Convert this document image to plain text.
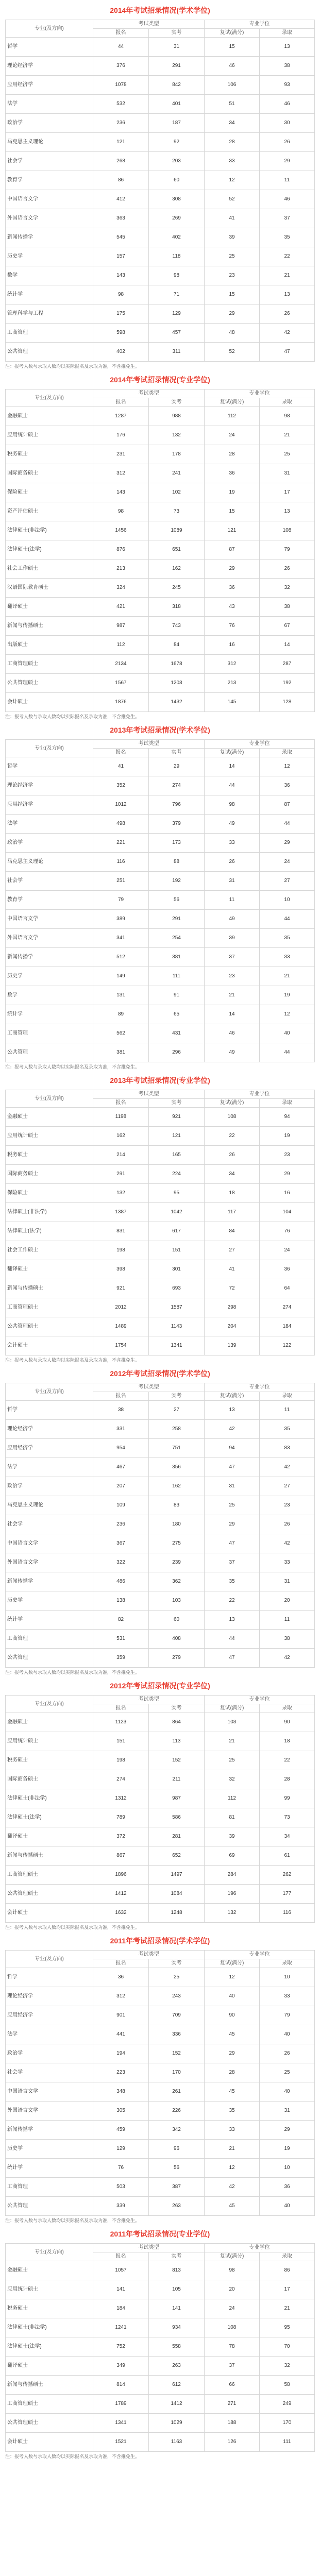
2014年考试招录情况(学术学位)
专业(及方向)	考试类型		专业学位	
	报名	实考	复试(满分)	录取
哲学	44	31	15	13
理论经济学	376	291	46	38
应用经济学	1078	842	106	93
法学	532	401	51	46
政治学	236	187	34	30
马克思主义理论	121	92	28	26
社会学	268	203	33	29
教育学	86	60	12	11
中国语言文学	412	308	52	46
外国语言文学	363	269	41	37
新闻传播学	545	402	39	35
历史学	157	118	25	22
数学	143	98	23	21
统计学	98	71	15	13
管理科学与工程	175	129	29	26
工商管理	598	457	48	42
公共管理	402	311	52	47
注：报考人数与录取人数均以实际报名及录取为准，不含推免生。
2014年考试招录情况(专业学位)
专业(及方向)	考试类型		专业学位	
	报名	实考	复试(满分)	录取
金融硕士	1287	988	112	98
应用统计硕士	176	132	24	21
税务硕士	231	178	28	25
国际商务硕士	312	241	36	31
保险硕士	143	102	19	17
资产评估硕士	98	73	15	13
法律硕士(非法学)	1456	1089	121	108
法律硕士(法学)	876	651	87	79
社会工作硕士	213	162	29	26
汉语国际教育硕士	324	245	36	32
翻译硕士	421	318	43	38
新闻与传播硕士	987	743	76	67
出版硕士	112	84	16	14
工商管理硕士	2134	1678	312	287
公共管理硕士	1567	1203	213	192
会计硕士	1876	1432	145	128
注：报考人数与录取人数均以实际报名及录取为准，不含推免生。
2013年考试招录情况(学术学位)
专业(及方向)	考试类型		专业学位	
	报名	实考	复试(满分)	录取
哲学	41	29	14	12
理论经济学	352	274	44	36
应用经济学	1012	796	98	87
法学	498	379	49	44
政治学	221	173	33	29
马克思主义理论	116	88	26	24
社会学	251	192	31	27
教育学	79	56	11	10
中国语言文学	389	291	49	44
外国语言文学	341	254	39	35
新闻传播学	512	381	37	33
历史学	149	111	23	21
数学	131	91	21	19
统计学	89	65	14	12
工商管理	562	431	46	40
公共管理	381	296	49	44
注：报考人数与录取人数均以实际报名及录取为准，不含推免生。
2013年考试招录情况(专业学位)
专业(及方向)	考试类型		专业学位	
	报名	实考	复试(满分)	录取
金融硕士	1198	921	108	94
应用统计硕士	162	121	22	19
税务硕士	214	165	26	23
国际商务硕士	291	224	34	29
保险硕士	132	95	18	16
法律硕士(非法学)	1387	1042	117	104
法律硕士(法学)	831	617	84	76
社会工作硕士	198	151	27	24
翻译硕士	398	301	41	36
新闻与传播硕士	921	693	72	64
工商管理硕士	2012	1587	298	274
公共管理硕士	1489	1143	204	184
会计硕士	1754	1341	139	122
注：报考人数与录取人数均以实际报名及录取为准，不含推免生。
2012年考试招录情况(学术学位)
专业(及方向)	考试类型		专业学位	
	报名	实考	复试(满分)	录取
哲学	38	27	13	11
理论经济学	331	258	42	35
应用经济学	954	751	94	83
法学	467	356	47	42
政治学	207	162	31	27
马克思主义理论	109	83	25	23
社会学	236	180	29	26
中国语言文学	367	275	47	42
外国语言文学	322	239	37	33
新闻传播学	486	362	35	31
历史学	138	103	22	20
统计学	82	60	13	11
工商管理	531	408	44	38
公共管理	359	279	47	42
注：报考人数与录取人数均以实际报名及录取为准，不含推免生。
2012年考试招录情况(专业学位)
专业(及方向)	考试类型		专业学位	
	报名	实考	复试(满分)	录取
金融硕士	1123	864	103	90
应用统计硕士	151	113	21	18
税务硕士	198	152	25	22
国际商务硕士	274	211	32	28
法律硕士(非法学)	1312	987	112	99
法律硕士(法学)	789	586	81	73
翻译硕士	372	281	39	34
新闻与传播硕士	867	652	69	61
工商管理硕士	1896	1497	284	262
公共管理硕士	1412	1084	196	177
会计硕士	1632	1248	132	116
注：报考人数与录取人数均以实际报名及录取为准，不含推免生。
2011年考试招录情况(学术学位)
专业(及方向)	考试类型		专业学位	
	报名	实考	复试(满分)	录取
哲学	36	25	12	10
理论经济学	312	243	40	33
应用经济学	901	709	90	79
法学	441	336	45	40
政治学	194	152	29	26
社会学	223	170	28	25
中国语言文学	348	261	45	40
外国语言文学	305	226	35	31
新闻传播学	459	342	33	29
历史学	129	96	21	19
统计学	76	56	12	10
工商管理	503	387	42	36
公共管理	339	263	45	40
注：报考人数与录取人数均以实际报名及录取为准，不含推免生。
2011年考试招录情况(专业学位)
专业(及方向)	考试类型		专业学位	
	报名	实考	复试(满分)	录取
金融硕士	1057	813	98	86
应用统计硕士	141	105	20	17
税务硕士	184	141	24	21
法律硕士(非法学)	1241	934	108	95
法律硕士(法学)	752	558	78	70
翻译硕士	349	263	37	32
新闻与传播硕士	814	612	66	58
工商管理硕士	1789	1412	271	249
公共管理硕士	1341	1029	188	170
会计硕士	1521	1163	126	111
注：报考人数与录取人数均以实际报名及录取为准，不含推免生。
